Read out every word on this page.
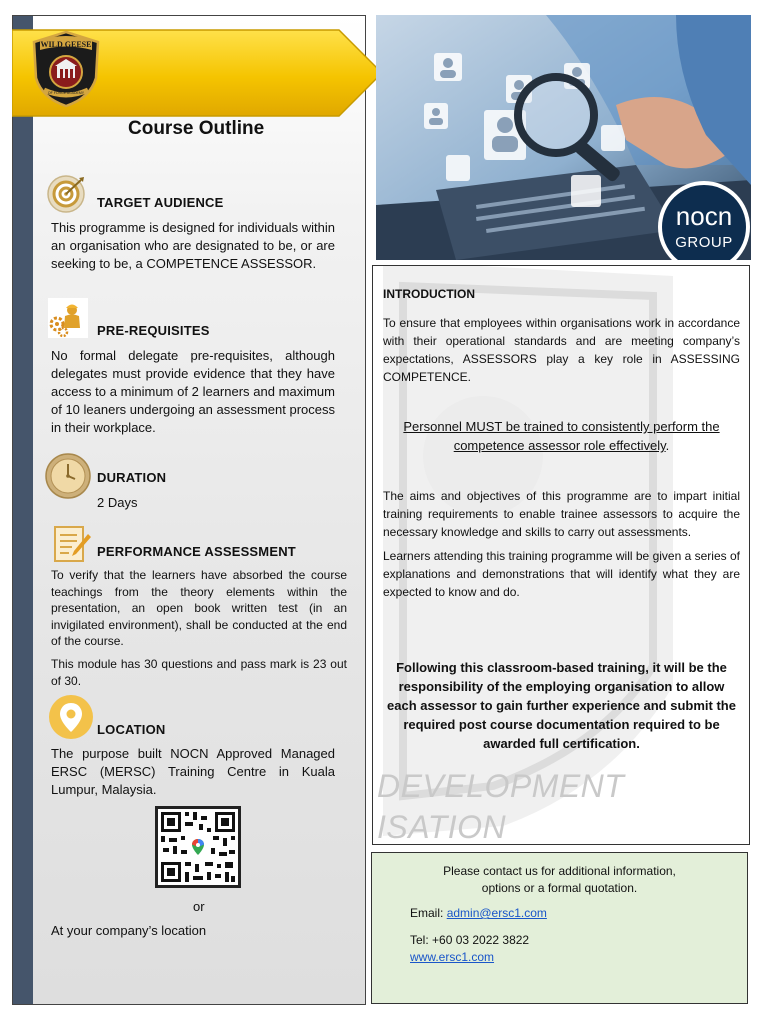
WILD GEESE
OF FORCE ACADEMY
Course Outline
TARGET AUDIENCE

This programme is designed for individuals within an organisation who are designated to be, or are seeking to be, a COMPETENCE ASSESSOR.

PRE-REQUISITES

No formal delegate pre-requisites, although delegates must provide evidence that they have access to a minimum of 2 learners and maximum of 10 leaners undergoing an assessment process in their workplace.

DURATION

2 Days

PERFORMANCE ASSESSMENT

To verify that the learners have absorbed the course teachings from the theory elements within the presentation, an open book written test (in an invigilated environment), shall be conducted at the end of the course.

This module has 30 questions and pass mark is 23 out of 30.

LOCATION

The purpose built NOCN Approved Managed ERSC (MERSC) Training Centre in Kuala Lumpur, Malaysia.

or

At your company’s location

nocn
GROUP

DEVELOPMENT

ISATION

INTRODUCTION

To ensure that employees within organisations work in accordance with their operational standards and are meeting company’s expectations, ASSESSORS play a key role in ASSESSING COMPETENCE.

Personnel MUST be trained to consistently perform the competence assessor role effectively.

The aims and objectives of this programme are to impart initial training requirements to enable trainee assessors to acquire the necessary knowledge and skills to carry out assessments.

Learners attending this training programme will be given a series of explanations and demonstrations that will identify what they are expected to know and do.

Following this classroom-based training, it will be the responsibility of the employing organisation to allow each assessor to gain further experience and submit the required post course documentation required to be awarded full certification.

Please contact us for additional information,
options or a formal quotation.

Email: admin@ersc1.com

Tel: +60 03 2022 3822

www.ersc1.com
